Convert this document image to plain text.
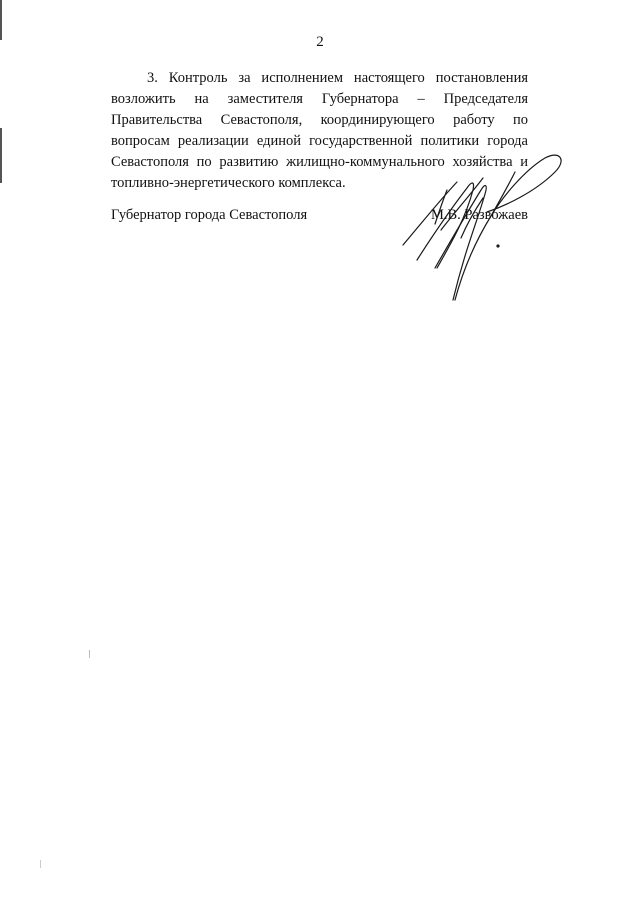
2

3. Контроль за исполнением настоящего постановления возложить на заместителя Губернатора – Председателя Правительства Севастополя, координирующего работу по вопросам реализации единой государственной политики города Севастополя по развитию жилищно-коммунального хозяйства и топливно-энергетического комплекса.

Губернатор города Севастополя	М.В. Развожаев
